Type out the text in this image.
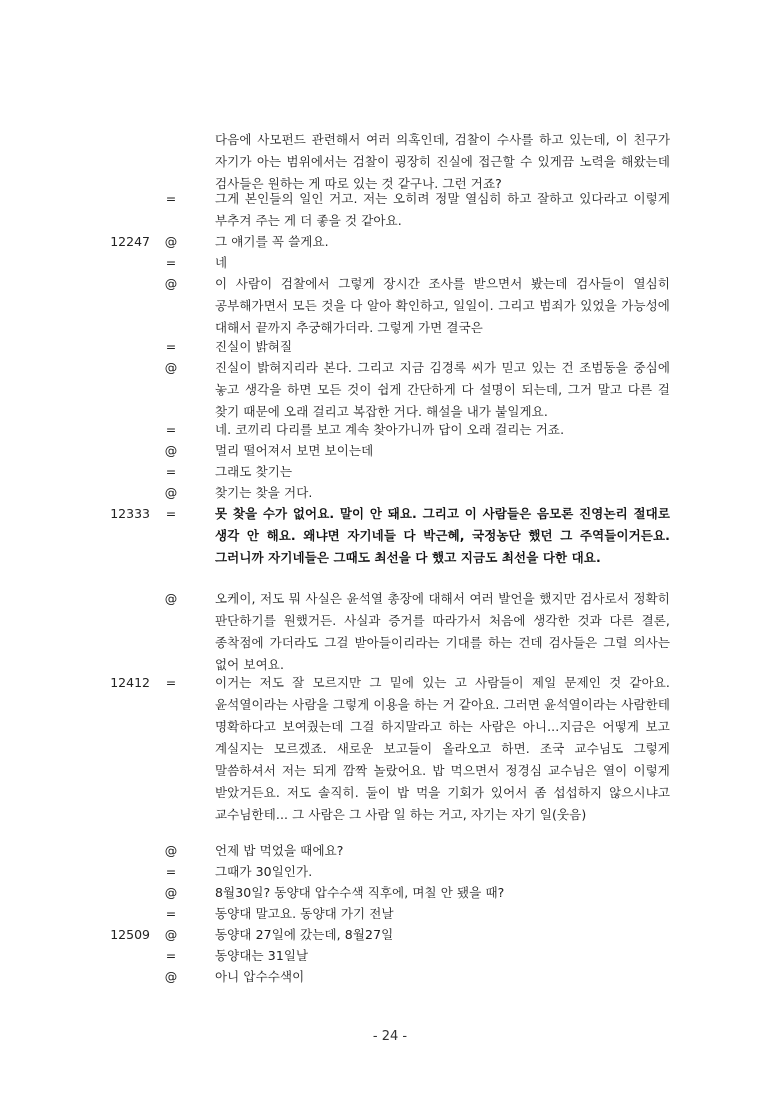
다음에 사모펀드 관련해서 여러 의혹인데, 검찰이 수사를 하고 있는데, 이 친구가 자기가 아는 범위에서는 검찰이 굉장히 진실에 접근할 수 있게끔 노력을 해왔는데 검사들은 원하는 게 따로 있는 것 같구나. 그런 거죠?
=	그게 본인들의 일인 거고. 저는 오히려 정말 열심히 하고 잘하고 있다라고 이렇게 부추겨 주는 게 더 좋을 것 같아요.
12247 @	그 얘기를 꼭 쓸게요.
=	네
@	이 사람이 검찰에서 그렇게 장시간 조사를 받으면서 봤는데 검사들이 열심히 공부해가면서 모든 것을 다 알아 확인하고, 일일이. 그리고 범죄가 있었을 가능성에 대해서 끝까지 추궁해가더라. 그렇게 가면 결국은
=	진실이 밝혀질
@	진실이 밝혀지리라 본다. 그리고 지금 김경록 씨가 믿고 있는 건 조범동을 중심에 놓고 생각을 하면 모든 것이 쉽게 간단하게 다 설명이 되는데, 그거 말고 다른 걸 찾기 때문에 오래 걸리고 복잡한 거다. 해설을 내가 붙일게요.
=	네. 코끼리 다리를 보고 계속 찾아가니까 답이 오래 걸리는 거죠.
@	멀리 떨어져서 보면 보이는데
=	그래도 찾기는
@	찾기는 찾을 거다.
12333 =	못 찾을 수가 없어요. 말이 안 돼요. 그리고 이 사람들은 음모론 진영논리 절대로 생각 안 해요. 왜냐면 자기네들 다 박근혜, 국정농단 했던 그 주역들이거든요. 그러니까 자기네들은 그때도 최선을 다 했고 지금도 최선을 다한 대요.
@	오케이, 저도 뭐 사실은 윤석열 총장에 대해서 여러 발언을 했지만 검사로서 정확히 판단하기를 원했거든. 사실과 증거를 따라가서 처음에 생각한 것과 다른 결론, 종착점에 가더라도 그걸 받아들이리라는 기대를 하는 건데 검사들은 그럴 의사는 없어 보여요.
12412 =	이거는 저도 잘 모르지만 그 밑에 있는 고 사람들이 제일 문제인 것 같아요. 윤석열이라는 사람을 그렇게 이용을 하는 거 같아요. 그러면 윤석열이라는 사람한테 명확하다고 보여줬는데 그걸 하지말라고 하는 사람은 아니...지금은 어떻게 보고 계실지는 모르겠죠. 새로운 보고들이 올라오고 하면. 조국 교수님도 그렇게 말씀하셔서 저는 되게 깜짝 놀랐어요. 밥 먹으면서 정경심 교수님은 열이 이렇게 받았거든요. 저도 솔직히. 둘이 밥 먹을 기회가 있어서 좀 섭섭하지 않으시냐고 교수님한테... 그 사람은 그 사람 일 하는 거고, 자기는 자기 일(웃음)
@	언제 밥 먹었을 때에요?
=	그때가 30일인가.
@	8월30일? 동양대 압수수색 직후에, 며칠 안 됐을 때?
=	동양대 말고요. 동양대 가기 전날
12509 @	동양대 27일에 갔는데, 8월27일
=	동양대는 31일날
@	아니 압수수색이
- 24 -
